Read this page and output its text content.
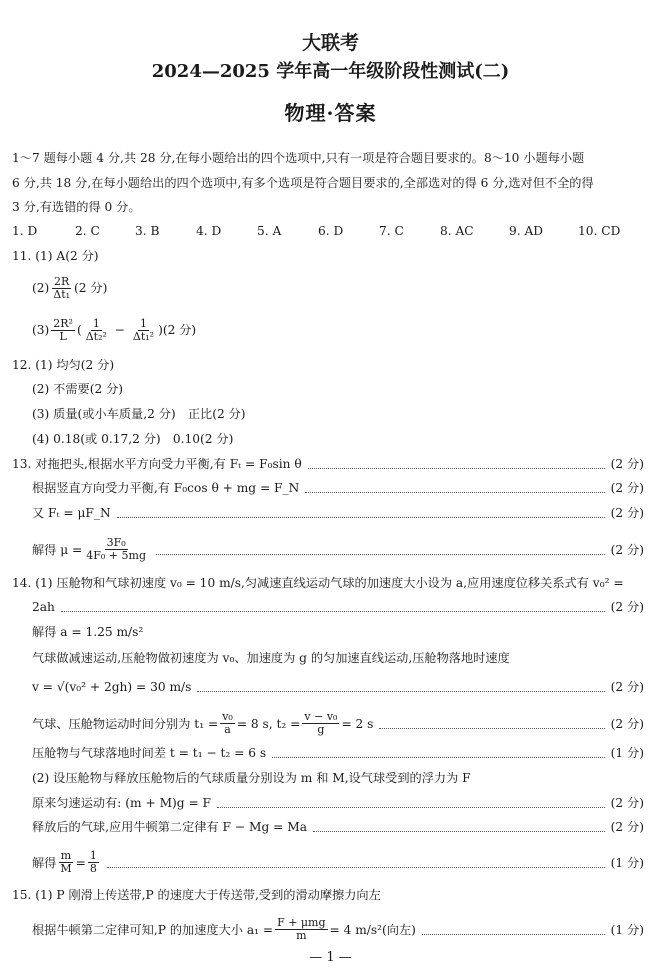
大联考
2024—2025 学年高一年级阶段性测试(二)
物理·答案
1～7 题每小题 4 分,共 28 分,在每小题给出的四个选项中,只有一项是符合题目要求的。8～10 小题每小题
6 分,共 18 分,在每小题给出的四个选项中,有多个选项是符合题目要求的,全部选对的得 6 分,选对但不全的得
3 分,有选错的得 0 分。
1. D	2. C	3. B	4. D	5. A	6. D	7. C	8. AC	9. AD	10. CD
11. (1) A(2 分)
$(2) \frac{2R}{\text{Δt₁}} (2$ 分)
$(3) \frac{\text{2R²}}{L}$ ( $\frac{1}{\text{Δt₂²}} - \frac{1}{\text{Δt₁²}} )(2$ 分)
12. (1) 均匀(2 分)
(2) 不需要(2 分)
(3) 质量(或小车质量,2 分)　正比(2 分)
(4) 0.18(或 0.17,2 分)　0.10(2 分)
13. 对拖把头,根据水平方向受力平衡,有 Fₜ = F₀sin θ	(2 分)
根据竖直方向受力平衡,有 F₀cos θ + mg = F_N	(2 分)
又 Fₜ = μF_N	(2 分)
解得 $\mu = \frac{\text{3F₀}}{\text{4F₀ + 5mg}}$	(2 分)
14. (1) 压舱物和气球初速度 v₀ = 10 m/s,匀减速直线运动气球的加速度大小设为 a,应用速度位移关系式有 v₀² =
2ah	(2 分)
解得 a = 1.25 m/s²
气球做减速运动,压舱物做初速度为 v₀、加速度为 g 的匀加速直线运动,压舱物落地时速度
v = √(v₀² + 2gh) = 30 m/s	(2 分)
气球、压舱物运动时间分别为 $t_1 = \frac{\text{v₀}}{a} = 8$ s, $t_2 = \frac{\text{v − v₀}}{g} = 2$ s	(2 分)
压舱物与气球落地时间差 t = t₁ − t₂ = 6 s	(1 分)
(2) 设压舱物与释放压舱物后的气球质量分别设为 m 和 M,设气球受到的浮力为 F
原来匀速运动有: (m + M)g = F	(2 分)
释放后的气球,应用牛顿第二定律有 F − Mg = Ma	(2 分)
解得 $\frac{m}{M} = \frac{1}{8}$	(1 分)
15. (1) P 刚滑上传送带,P 的速度大于传送带,受到的滑动摩擦力向左
根据牛顿第二定律可知,P 的加速度大小 $a_1 = \frac{\text{F + μmg}}{m} = 4$ m/s²(向左)	(1 分)
— 1 —
